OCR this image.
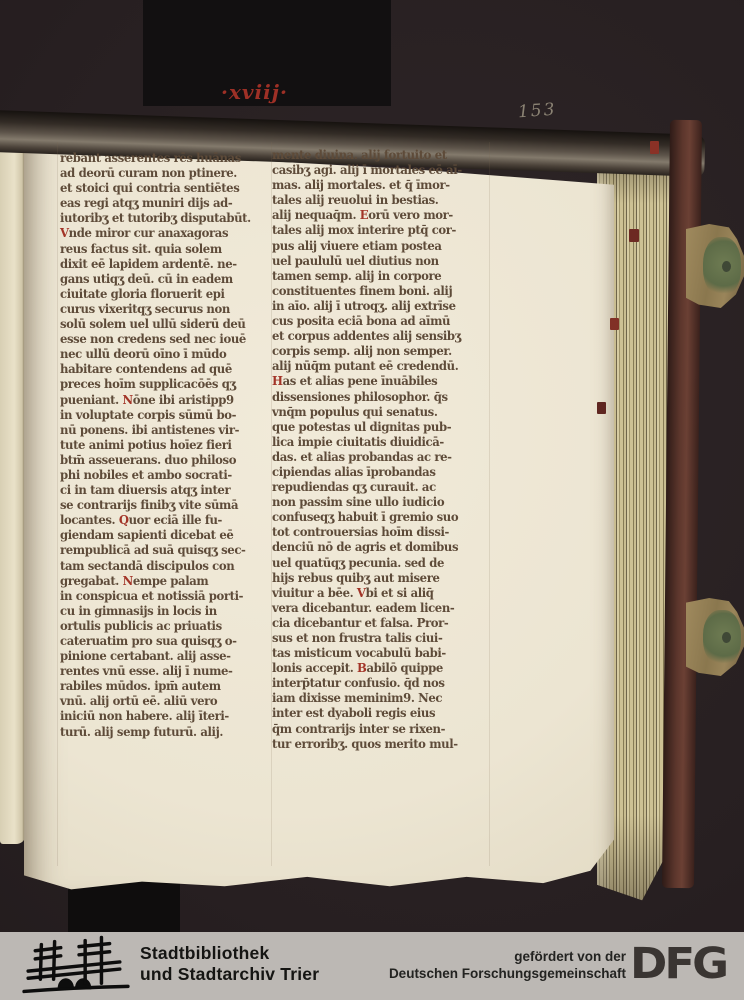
·xviij·
153
rebant asserentes rēs huānas
ad deorū curam non ptinere.
et stoici qui contria sentiētes
eas regi atqʒ muniri dijs ad-
iutoribʒ et tutoribʒ disputabūt.
Vnde miror cur anaxagoras
reus factus sit. quia solem
dixit eē lapidem ardentē. ne-
gans utiqʒ deū. cū in eadem
ciuitate gloria floruerit epi
curus vixeritqʒ securus non
solū solem uel ullū siderū deū
esse non credens sed nec iouē
nec ullū deorū oīno ī mūdo
habitare contendens ad quē
preces hoīm supplicacōēs qʒ
pueniant. Nōne ibi aristipp9
in voluptate corpis sūmū bo-
nū ponens. ibi antistenes vir-
tute animi potius hoīez fieri
btm̄ asseuerans. duo philoso
phi nobiles et ambo socrati-
ci in tam diuersis atqʒ inter
se contrarijs finibʒ vite sūmā
locantes. Quor eciā ille fu-
giendam sapienti dicebat eē
rempublicā ad suā quisqʒ sec-
tam sectandā discipulos con
gregabat. Nempe palam
in conspicua et notissiā porti-
cu in gimnasijs in locis in
ortulis publicis ac priuatis
cateruatim pro sua quisqʒ o-
pinione certabant. alij asse-
rentes vnū esse. alij ī nume-
rabiles mūdos. ipm̄ autem
vnū. alij ortū eē. aliū vero
iniciū non habere. alij īteri-
turū. alij semp futurū. alij.
mente diuina. alij fortuito et
casibʒ agi. alij ī mortales eē aī-
mas. alij mortales. et q̄ īmor-
tales alij reuolui in bestias.
alij nequaq̄m. Eorū vero mor-
tales alij mox interire ptq̄ cor-
pus alij viuere etiam postea
uel paululū uel diutius non
tamen semp. alij in corpore
constituentes finem boni. alij
in aīo. alij ī utroqʒ. alij extrīse
cus posita eciā bona ad aīmū
et corpus addentes alij sensibʒ
corpis semp. alij non semper.
alij nūq̄m putant eē credendū.
Has et alias pene īnuābiles
dissensiones philosophor. q̄s
vnq̄m populus qui senatus.
que potestas ul dignitas pub-
lica impie ciuitatis diuidicā-
das. et alias probandas ac re-
cipiendas alias īprobandas
repudiendas qʒ curauit. ac
non passim sine ullo iudicio
confuseqʒ habuit ī gremio suo
tot controuersias hoīm dissi-
denciū nō de agris et domibus
uel quatūqʒ pecunia. sed de
hijs rebus quibʒ aut misere
viuitur a bēe. Vbi et si aliq̄
vera dicebantur. eadem licen-
cia dicebantur et falsa. Pror-
sus et non frustra talis ciui-
tas misticum vocabulū babi-
lonis accepit. Babilō quippe
interp̄tatur confusio. q̄d nos
iam dixisse meminim9. Nec
inter est dyaboli regis eius
q̄m contrarijs inter se rixen-
tur erroribʒ. quos merito mul-
Stadtbibliothek
und Stadtarchiv Trier
gefördert von der
Deutschen Forschungsgemeinschaft DFG
